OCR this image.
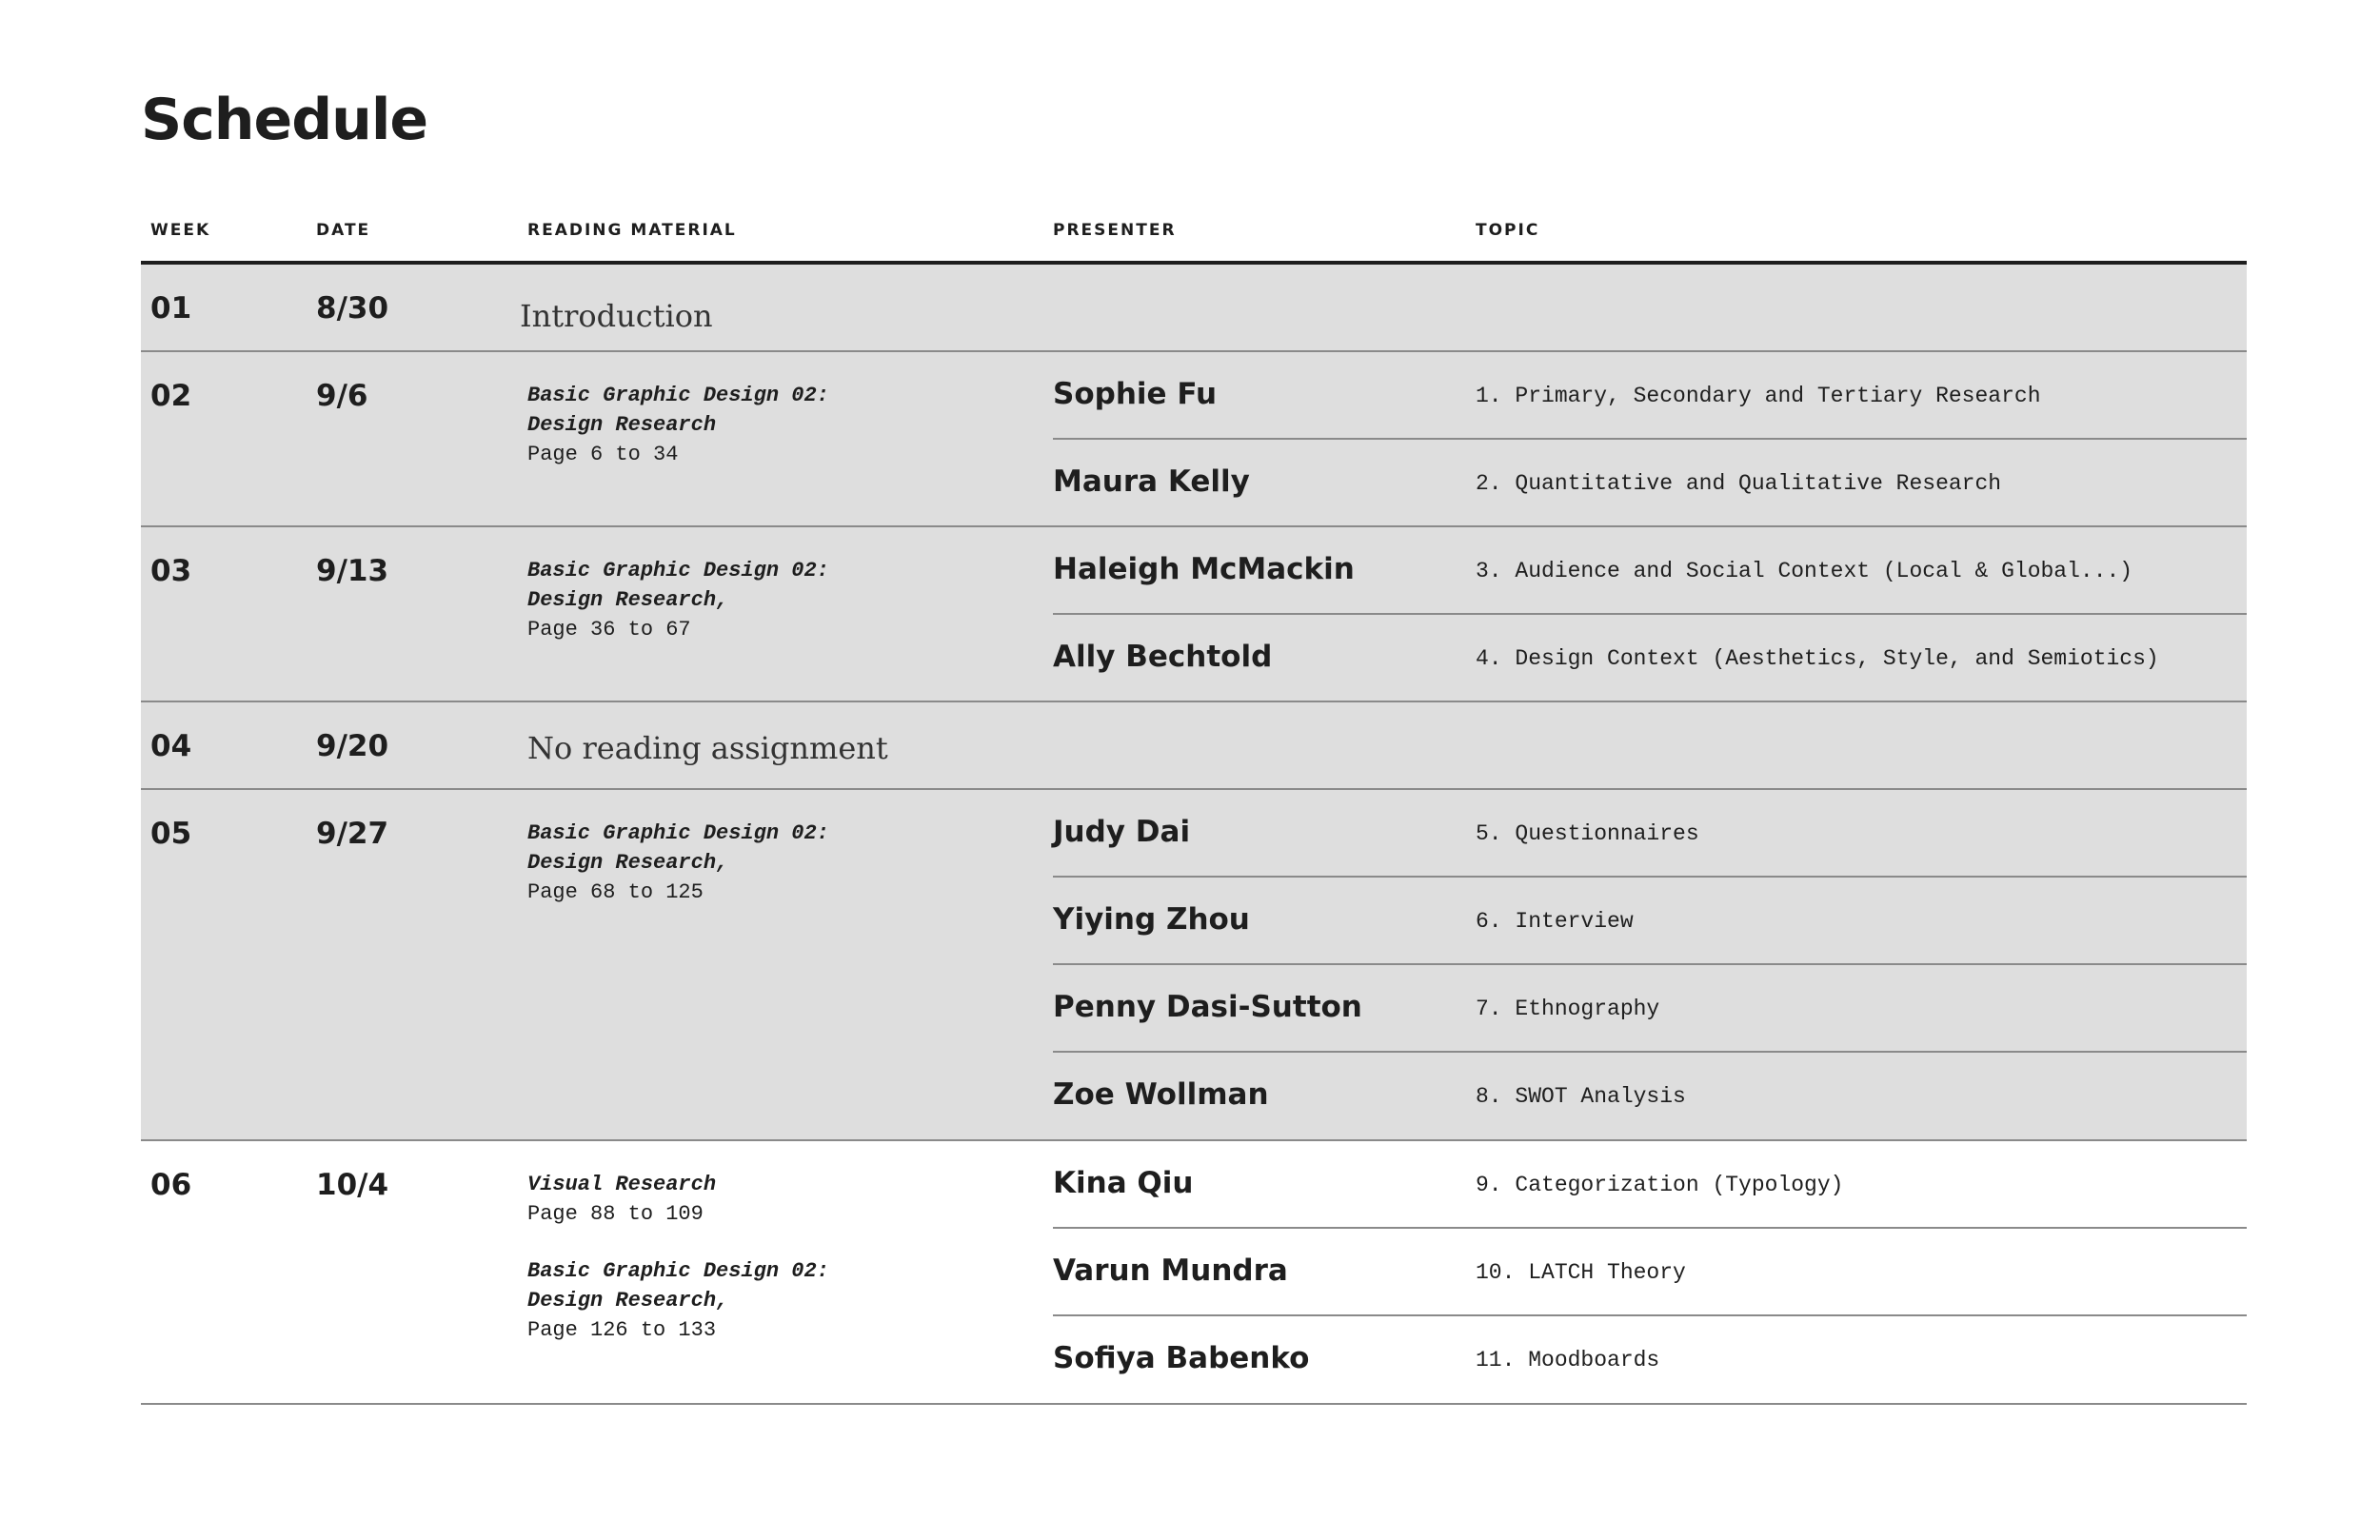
Schedule
WEEK	DATE	READING MATERIAL	PRESENTER	TOPIC
01	8/30	Introduction
02	9/6	Basic Graphic Design 02:
Design Research
Page 6 to 34
Sophie Fu	1. Primary, Secondary and Tertiary Research
Maura Kelly	2. Quantitative and Qualitative Research
03	9/13	Basic Graphic Design 02:
Design Research,
Page 36 to 67
Haleigh McMackin	3. Audience and Social Context (Local & Global...)
Ally Bechtold	4. Design Context (Aesthetics, Style, and Semiotics)
04	9/20	No reading assignment
05	9/27	Basic Graphic Design 02:
Design Research,
Page 68 to 125
Judy Dai	5. Questionnaires
Yiying Zhou	6. Interview
Penny Dasi-Sutton	7. Ethnography
Zoe Wollman	8. SWOT Analysis
06	10/4	Visual Research
Page 88 to 109
Basic Graphic Design 02:
Design Research,
Page 126 to 133
Kina Qiu	9. Categorization (Typology)
Varun Mundra	10. LATCH Theory
Sofiya Babenko	11. Moodboards
